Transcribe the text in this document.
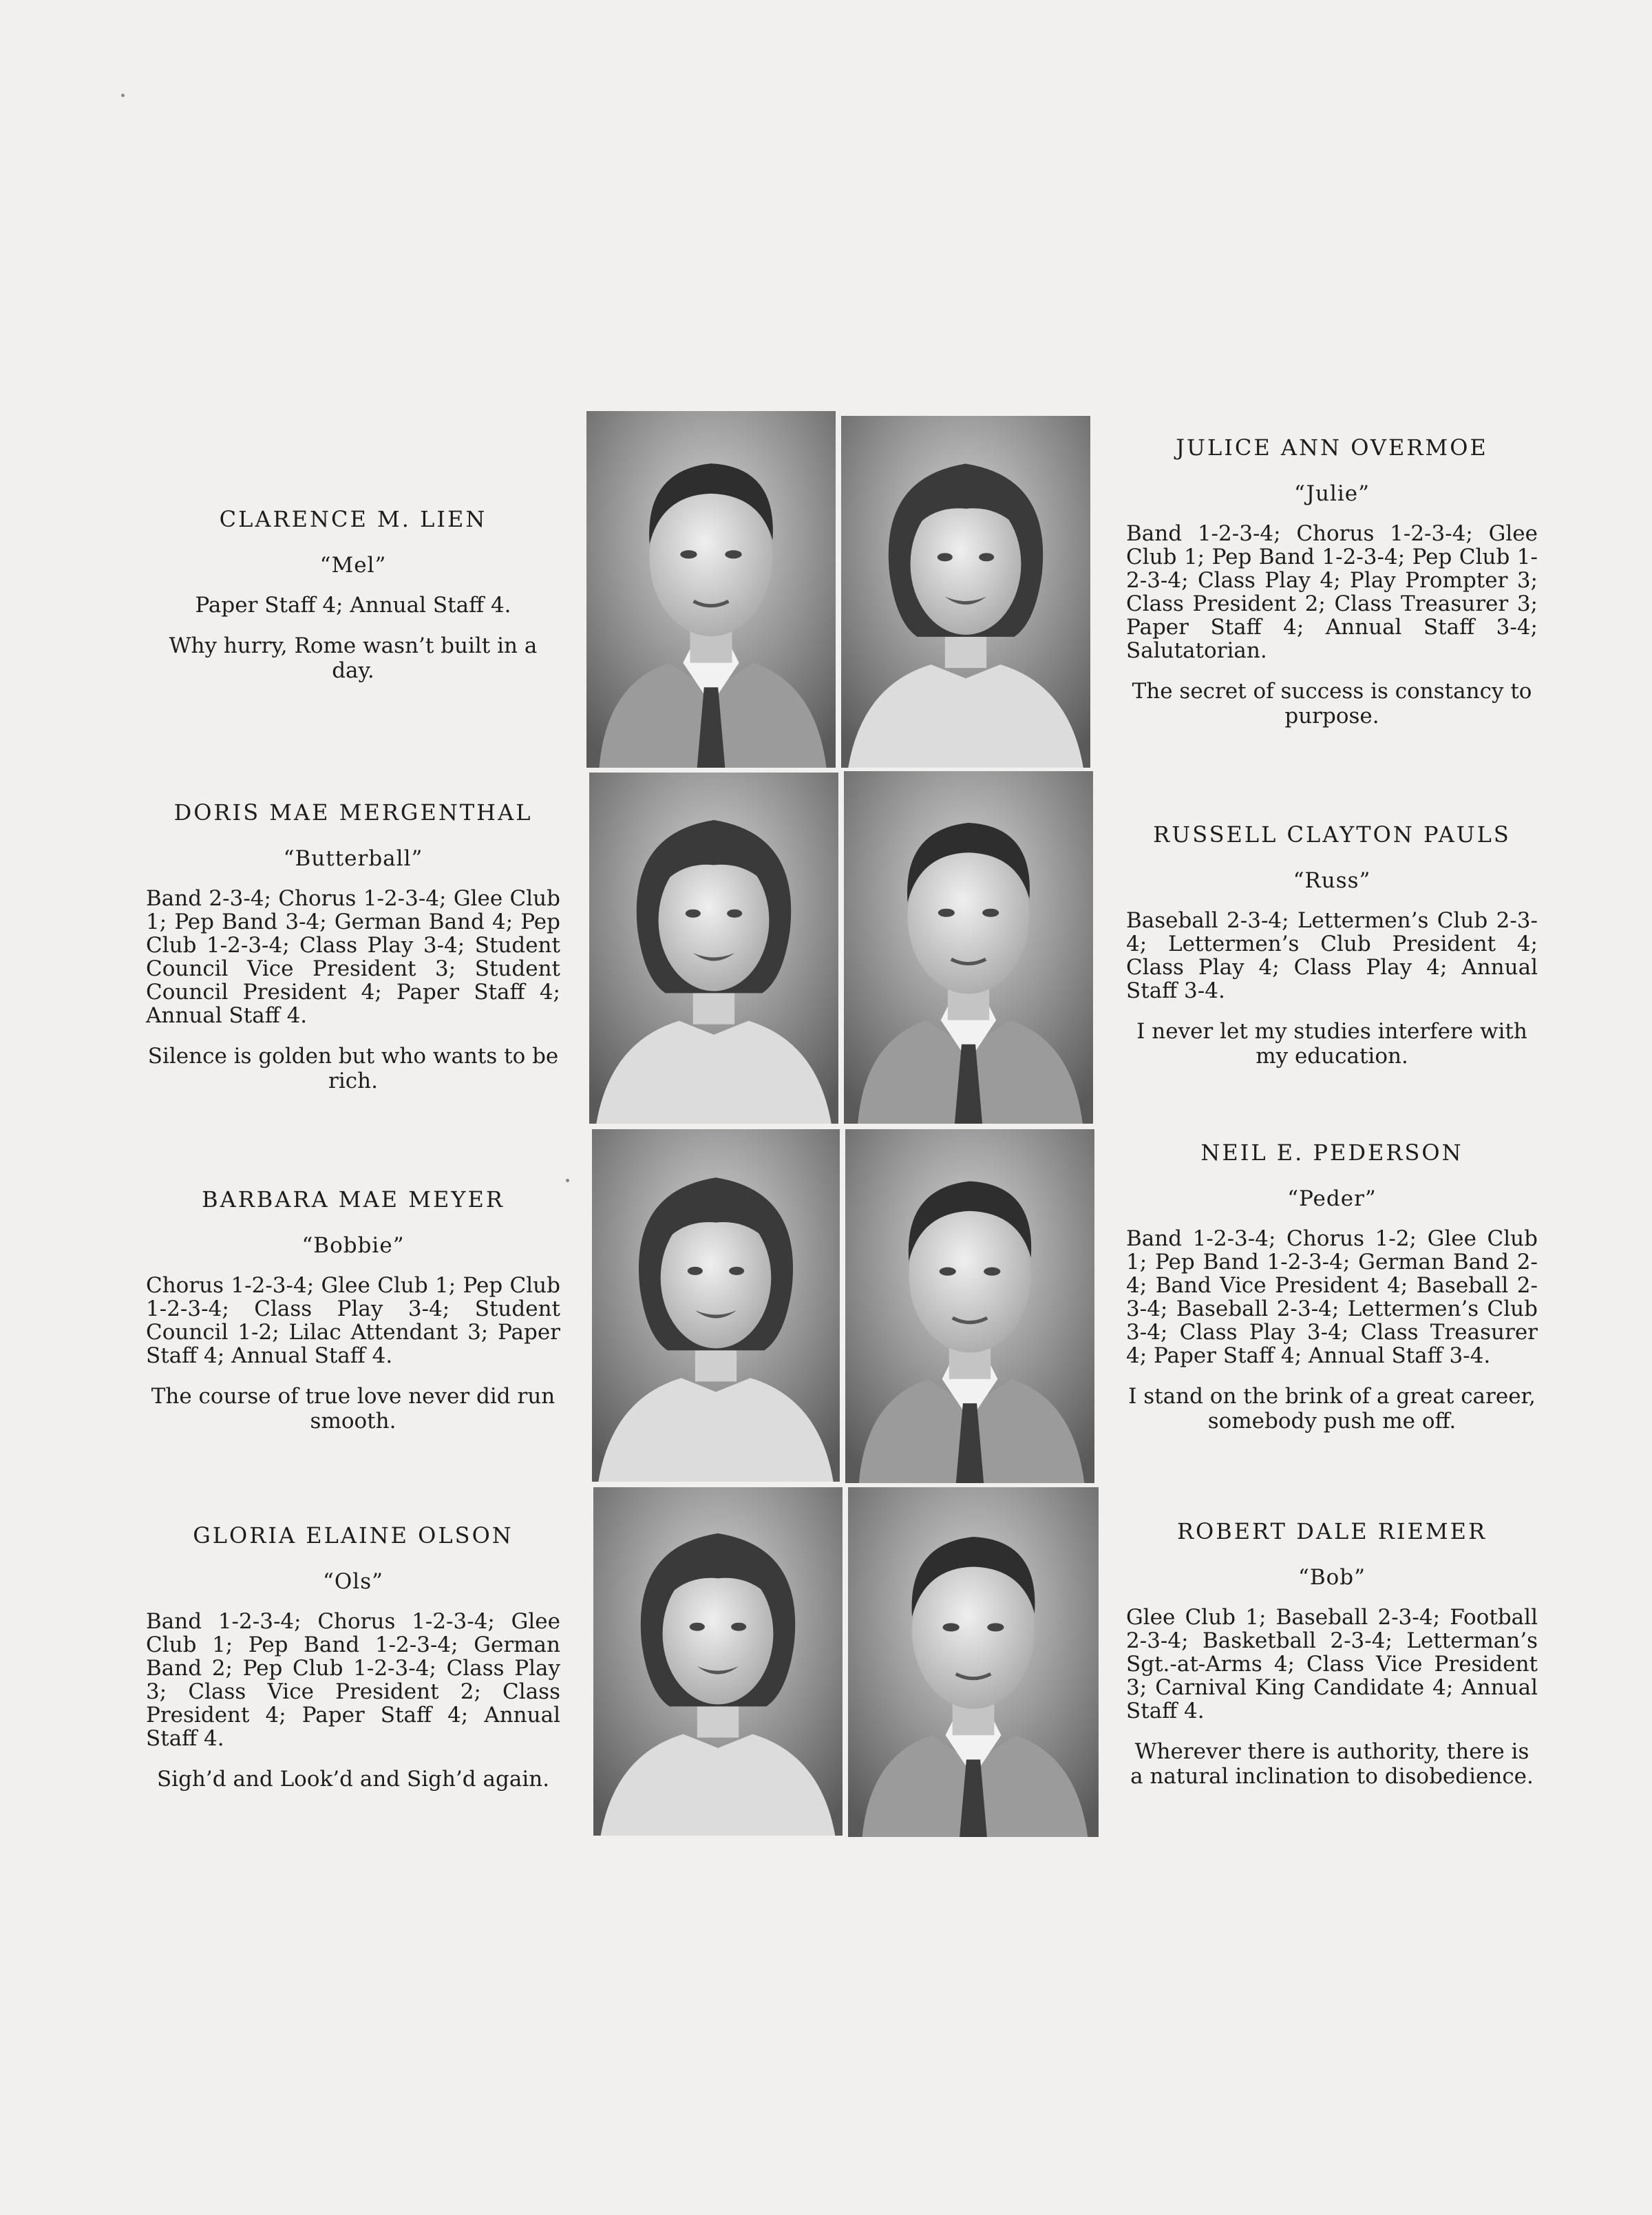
CLARENCE M. LIEN
“Mel”
Paper Staff 4; Annual Staff 4.
Why hurry, Rome wasn’t built in a day.
DORIS MAE MERGENTHAL
“Butterball”
Band 2-3-4; Chorus 1-2-3-4; Glee Club 1; Pep Band 3-4; German Band 4; Pep Club 1-2-3-4; Class Play 3-4; Student Council Vice President 3; Student Council President 4; Paper Staff 4; Annual Staff 4.
Silence is golden but who wants to be rich.
BARBARA MAE MEYER
“Bobbie”
Chorus 1-2-3-4; Glee Club 1; Pep Club 1-2-3-4; Class Play 3-4; Student Council 1-2; Lilac Attendant 3; Paper Staff 4; Annual Staff 4.
The course of true love never did run smooth.
GLORIA ELAINE OLSON
“Ols”
Band 1-2-3-4; Chorus 1-2-3-4; Glee Club 1; Pep Band 1-2-3-4; German Band 2; Pep Club 1-2-3-4; Class Play 3; Class Vice President 2; Class President 4; Paper Staff 4; Annual Staff 4.
Sigh’d and Look’d and Sigh’d again.
JULICE ANN OVERMOE
“Julie”
Band 1-2-3-4; Chorus 1-2-3-4; Glee Club 1; Pep Band 1-2-3-4; Pep Club 1-2-3-4; Class Play 4; Play Prompter 3; Class President 2; Class Treasurer 3; Paper Staff 4; Annual Staff 3-4; Salutatorian.
The secret of success is constancy to purpose.
RUSSELL CLAYTON PAULS
“Russ”
Baseball 2-3-4; Lettermen’s Club 2-3-4; Lettermen’s Club President 4; Class Play 4; Class Play 4; Annual Staff 3-4.
I never let my studies interfere with my education.
NEIL E. PEDERSON
“Peder”
Band 1-2-3-4; Chorus 1-2; Glee Club 1; Pep Band 1-2-3-4; German Band 2-4; Band Vice President 4; Baseball 2-3-4; Baseball 2-3-4; Lettermen’s Club 3-4; Class Play 3-4; Class Treasurer 4; Paper Staff 4; Annual Staff 3-4.
I stand on the brink of a great career, somebody push me off.
ROBERT DALE RIEMER
“Bob”
Glee Club 1; Baseball 2-3-4; Football 2-3-4; Basketball 2-3-4; Letterman’s Sgt.-at-Arms 4; Class Vice President 3; Carnival King Candidate 4; Annual Staff 4.
Wherever there is authority, there is a natural inclination to disobedience.
